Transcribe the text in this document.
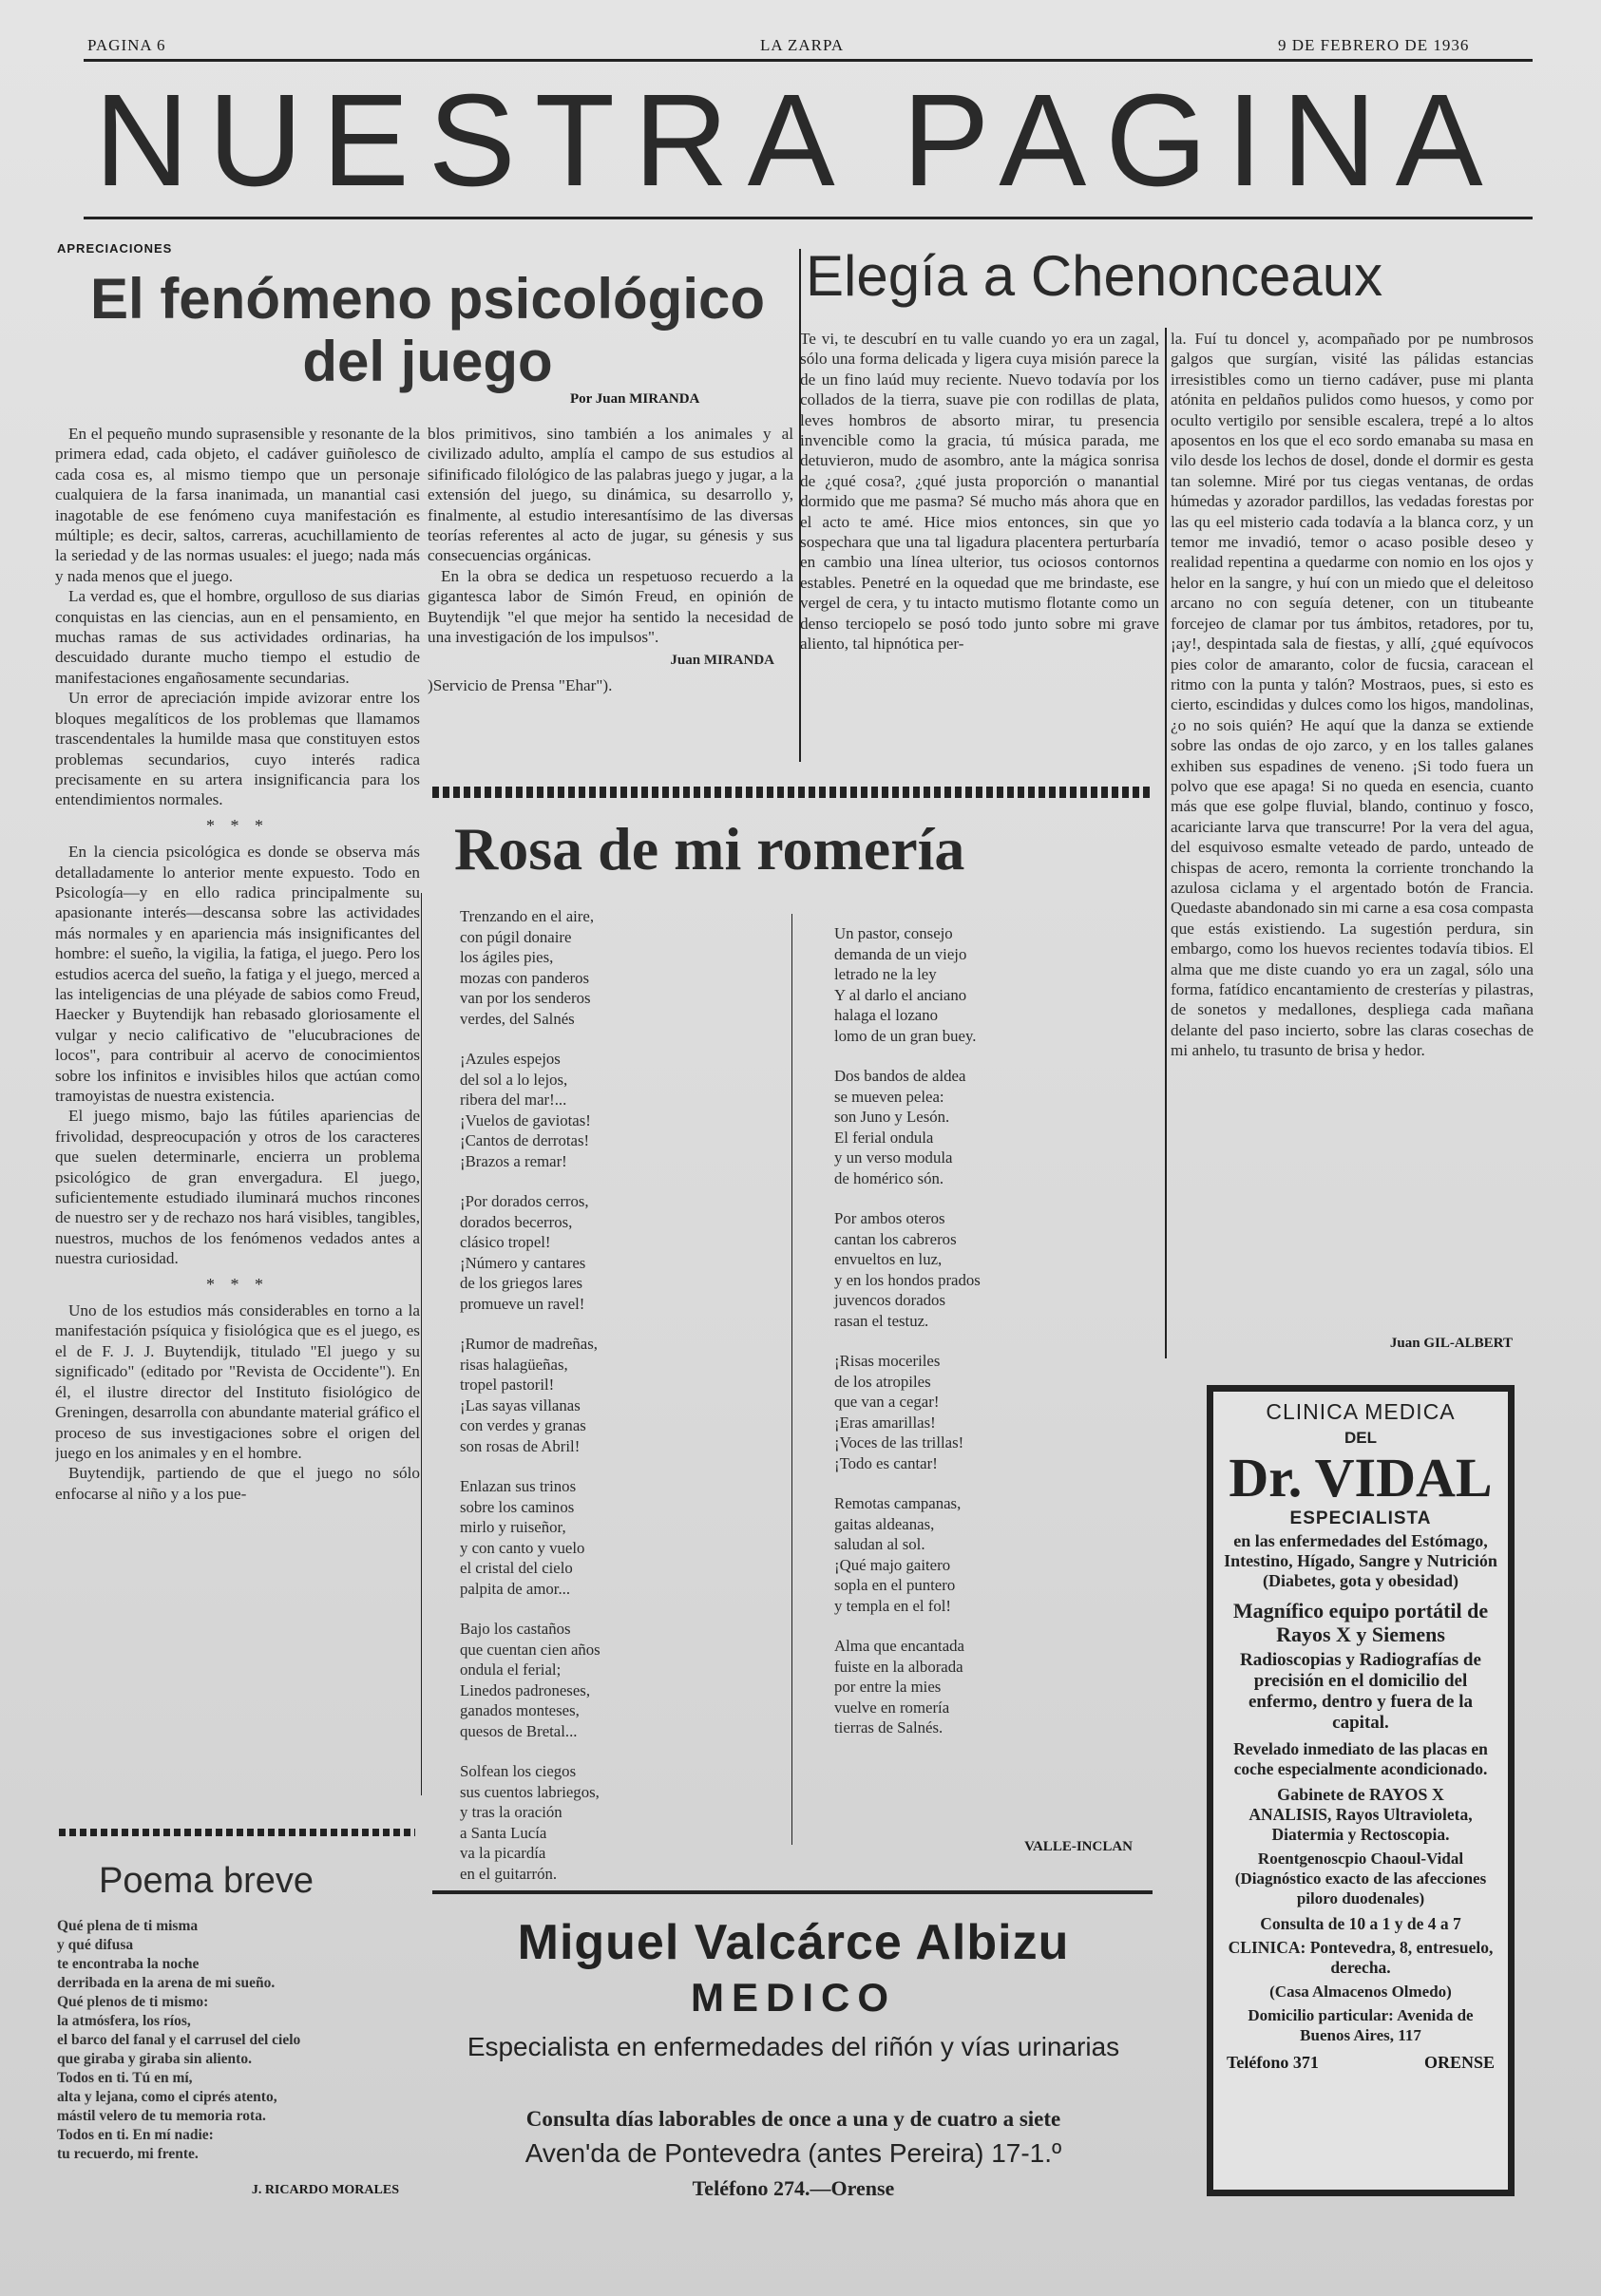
PAGINA 6	LA ZARPA	9 DE FEBRERO DE 1936
NUESTRA PAGINA
APRECIACIONES
El fenómeno psicológico del juego
Por Juan MIRANDA

En el pequeño mundo suprasensible y resonante de la primera edad, cada objeto, el cadáver guiñolesco de cada cosa es, al mismo tiempo que un personaje cualquiera de la farsa inanimada, un manantial casi inagotable de ese fenómeno cuya manifestación es múltiple; es decir, saltos, carreras, acuchillamiento de la seriedad y de las normas usuales: el juego; nada más y nada menos que el juego.

La verdad es, que el hombre, orgulloso de sus diarias conquistas en las ciencias, aun en el pensamiento, en muchas ramas de sus actividades ordinarias, ha descuidado durante mucho tiempo el estudio de manifestaciones engañosamente secundarias.

Un error de apreciación impide avizorar entre los bloques megalíticos de los problemas que llamamos trascendentales la humilde masa que constituyen estos problemas secundarios, cuyo interés radica precisamente en su artera insignificancia para los entendimientos normales.

* * *

En la ciencia psicológica es donde se observa más detalladamente lo anterior mente expuesto. Todo en Psicología—y en ello radica principalmente su apasionante interés—descansa sobre las actividades más normales y en apariencia más insignificantes del hombre: el sueño, la vigilia, la fatiga, el juego. Pero los estudios acerca del sueño, la fatiga y el juego, merced a las inteligencias de una pléyade de sabios como Freud, Haecker y Buytendijk han rebasado gloriosamente el vulgar y necio calificativo de "elucubraciones de locos", para contribuir al acervo de conocimientos sobre los infinitos e invisibles hilos que actúan como tramoyistas de nuestra existencia.

El juego mismo, bajo las fútiles apariencias de frivolidad, despreocupación y otros de los caracteres que suelen determinarle, encierra un problema psicológico de gran envergadura. El juego, suficientemente estudiado iluminará muchos rincones de nuestro ser y de rechazo nos hará visibles, tangibles, nuestros, muchos de los fenómenos vedados antes a nuestra curiosidad.

* * *

Uno de los estudios más considerables en torno a la manifestación psíquica y fisiológica que es el juego, es el de F. J. J. Buytendijk, titulado "El juego y su significado" (editado por "Revista de Occidente"). En él, el ilustre director del Instituto fisiológico de Greningen, desarrolla con abundante material gráfico el proceso de sus investigaciones sobre el origen del juego en los animales y en el hombre.

Buytendijk, partiendo de que el juego no sólo enfocarse al niño y a los pue-

blos primitivos, sino también a los animales y al civilizado adulto, amplía el campo de sus estudios al sifinificado filológico de las palabras juego y jugar, a la extensión del juego, su dinámica, su desarrollo y, finalmente, al estudio interesantísimo de las diversas teorías referentes al acto de jugar, su génesis y sus consecuencias orgánicas.

En la obra se dedica un respetuoso recuerdo a la gigantesca labor de Simón Freud, en opinión de Buytendijk "el que mejor ha sentido la necesidad de una investigación de los impulsos".

Juan MIRANDA
)Servicio de Prensa "Ehar").
Elegía a Chenonceaux
Te vi, te descubrí en tu valle cuando yo era un zagal, sólo una forma delicada y ligera cuya misión parece la de un fino laúd muy reciente. Nuevo todavía por los collados de la tierra, suave pie con rodillas de plata, leves hombros de absorto mirar, tu presencia invencible como la gracia, tú música parada, me detuvieron, mudo de asombro, ante la mágica sonrisa de ¿qué cosa?, ¿qué justa proporción o manantial dormido que me pasma? Sé mucho más ahora que en el acto te amé. Hice mios entonces, sin que yo sospechara que una tal ligadura placentera perturbaría en cambio una línea ulterior, tus ociosos contornos estables. Penetré en la oquedad que me brindaste, ese vergel de cera, y tu intacto mutismo flotante como un denso terciopelo se posó todo junto sobre mi grave aliento, tal hipnótica per-
la. Fuí tu doncel y, acompañado por pe numbrosos galgos que surgían, visité las pálidas estancias irresistibles como un tierno cadáver, puse mi planta atónita en peldaños pulidos como huesos, y como por oculto vertigilo por sensible escalera, trepé a lo altos aposentos en los que el eco sordo emanaba su masa en vilo desde los lechos de dosel, donde el dormir es gesta tan solemne. Miré por tus ciegas ventanas, de ordas húmedas y azorador pardillos, las vedadas forestas por las qu eel misterio cada todavía a la blanca corz, y un temor me invadió, temor o acaso posible deseo y realidad repentina a quedarme con nomio en los ojos y helor en la sangre, y huí con un miedo que el deleitoso arcano no con seguía detener, con un titubeante forcejeo de clamar por tus ámbitos, retadores, por tu, ¡ay!, despintada sala de fiestas, y allí, ¿qué equívocos pies color de amaranto, color de fucsia, caracean el ritmo con la punta y talón? Mostraos, pues, si esto es cierto, escindidas y dulces como los higos, mandolinas, ¿o no sois quién? He aquí que la danza se extiende sobre las ondas de ojo zarco, y en los talles galanes exhiben sus espadines de veneno. ¡Si todo fuera un polvo que ese apaga! Si no queda en esencia, cuanto más que ese golpe fluvial, blando, continuo y fosco, acariciante larva que transcurre! Por la vera del agua, del esquivoso esmalte veteado de pardo, unteado de chispas de acero, remonta la corriente tronchando la azulosa ciclama y el argentado botón de Francia. Quedaste abandonado sin mi carne a esa cosa compasta que estás existiendo. La sugestión perdura, sin embargo, como los huevos recientes todavía tibios. El alma que me diste cuando yo era un zagal, sólo una forma, fatídico encantamiento de cresterías y pilastras, de sonetos y medallones, despliega cada mañana delante del paso incierto, sobre las claras cosechas de mi anhelo, tu trasunto de brisa y hedor.
Juan GIL-ALBERT
Rosa de mi romería
Trenzando en el aire,
con púgil donaire
los ágiles pies,
mozas con panderos
van por los senderos
verdes, del Salnés
¡Azules espejos
del sol a lo lejos,
ribera del mar!...
¡Vuelos de gaviotas!
¡Cantos de derrotas!
¡Brazos a remar!
¡Por dorados cerros,
dorados becerros,
clásico tropel!
¡Número y cantares
de los griegos lares
promueve un ravel!
¡Rumor de madreñas,
risas halagüeñas,
tropel pastoril!
¡Las sayas villanas
con verdes y granas
son rosas de Abril!
Enlazan sus trinos
sobre los caminos
mirlo y ruiseñor,
y con canto y vuelo
el cristal del cielo
palpita de amor...
Bajo los castaños
que cuentan cien años
ondula el ferial;
Linedos padroneses,
ganados monteses,
quesos de Bretal...
Solfean los ciegos
sus cuentos labriegos,
y tras la oración
a Santa Lucía
va la picardía
en el guitarrón.
Un pastor, consejo
demanda de un viejo
letrado ne la ley
Y al darlo el anciano
halaga el lozano
lomo de un gran buey.
Dos bandos de aldea
se mueven pelea:
son Juno y Lesón.
El ferial ondula
y un verso modula
de homérico són.
Por ambos oteros
cantan los cabreros
envueltos en luz,
y en los hondos prados
juvencos dorados
rasan el testuz.
¡Risas moceriles
de los atropiles
que van a cegar!
¡Eras amarillas!
¡Voces de las trillas!
¡Todo es cantar!
Remotas campanas,
gaitas aldeanas,
saludan al sol.
¡Qué majo gaitero
sopla en el puntero
y templa en el fol!
Alma que encantada
fuiste en la alborada
por entre la mies
vuelve en romería
tierras de Salnés.
VALLE-INCLAN
Poema breve
Qué plena de ti misma
y qué difusa
te encontraba la noche
derribada en la arena de mi sueño.
Qué plenos de ti mismo:
la atmósfera, los ríos,
el barco del fanal y el carrusel del cielo
que giraba y giraba sin aliento.
Todos en ti. Tú en mí,
alta y lejana, como el ciprés atento,
mástil velero de tu memoria rota.
Todos en ti. En mí nadie:
tu recuerdo, mi frente.
J. RICARDO MORALES
Miguel Valcárce Albizu
MEDICO
Especialista en enfermedades del riñón y vías urinarias
Consulta días laborables de once a una y de cuatro a siete
Aven'da de Pontevedra (antes Pereira) 17-1.º
Teléfono 274.—Orense
CLINICA MEDICA
DEL
Dr. VIDAL
ESPECIALISTA
en las enfermedades del Estómago, Intestino, Hígado, Sangre y Nutrición (Diabetes, gota y obesidad)
Magnífico equipo portátil de Rayos X y Siemens
Radioscopias y Radiografías de precisión en el domicilio del enfermo, dentro y fuera de la capital.
Revelado inmediato de las placas en coche especialmente acondicionado.
Gabinete de RAYOS X
ANALISIS, Rayos Ultravioleta, Diatermia y Rectoscopia.
Roentgenoscpio Chaoul-Vidal (Diagnóstico exacto de las afecciones piloro duodenales)
Consulta de 10 a 1 y de 4 a 7
CLINICA: Pontevedra, 8, entresuelo, derecha.
(Casa Almacenos Olmedo)
Domicilio particular: Avenida de Buenos Aires, 117
Teléfono 371	ORENSE
